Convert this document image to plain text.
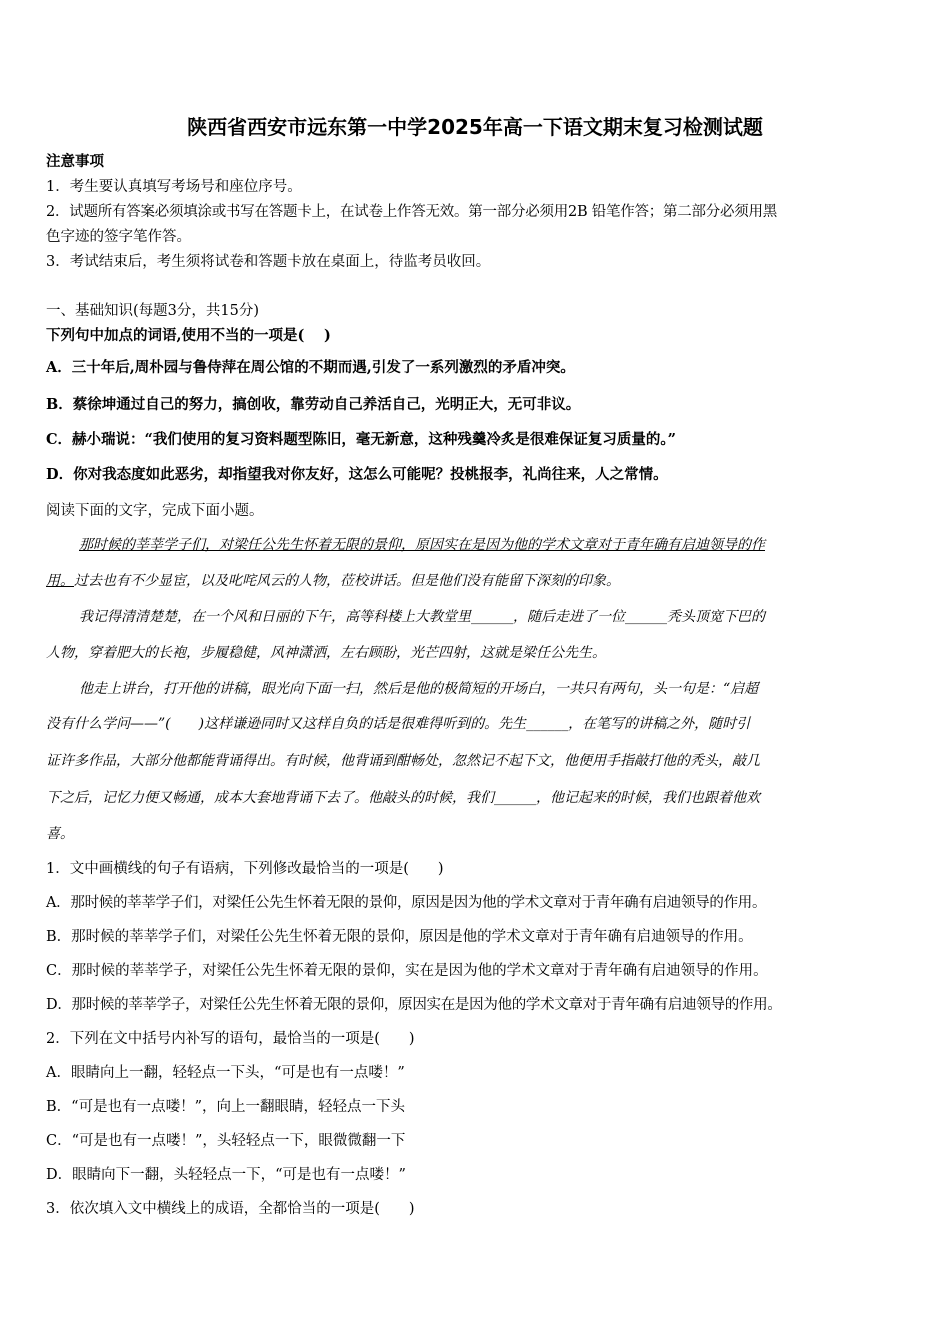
陕西省西安市远东第一中学2025年高一下语文期末复习检测试题
注意事项
1．考生要认真填写考场号和座位序号。
2．试题所有答案必须填涂或书写在答题卡上，在试卷上作答无效。第一部分必须用2B 铅笔作答；第二部分必须用黑
色字迹的签字笔作答。
3．考试结束后，考生须将试卷和答题卡放在桌面上，待监考员收回。
一、基础知识(每题3分，共15分)
下列句中加点的词语,使用不当的一项是(　 )
A．三十年后,周朴园与鲁侍萍在周公馆的不期而遇,引发了一系列激烈的矛盾冲突。
B．蔡徐坤通过自己的努力，搞创收，靠劳动自己养活自己，光明正大，无可非议。
C．赫小瑞说：“我们使用的复习资料题型陈旧，毫无新意，这种残羹冷炙是很难保证复习质量的。”
D．你对我态度如此恶劣，却指望我对你友好，这怎么可能呢？投桃报李，礼尚往来，人之常情。
阅读下面的文字，完成下面小题。
那时候的莘莘学子们，对梁任公先生怀着无限的景仰，原因实在是因为他的学术文章对于青年确有启迪领导的作
用。过去也有不少显宦，以及叱咤风云的人物，莅校讲话。但是他们没有能留下深刻的印象。
我记得清清楚楚，在一个风和日丽的下午，高等科楼上大教堂里______，随后走进了一位______秃头顶宽下巴的
人物，穿着肥大的长袍，步履稳健，风神潇洒，左右顾盼，光芒四射，这就是梁任公先生。
他走上讲台，打开他的讲稿，眼光向下面一扫，然后是他的极简短的开场白，一共只有两句，头一句是：“启超
没有什么学问——”(　　)这样谦逊同时又这样自负的话是很难得听到的。先生______，在笔写的讲稿之外，随时引
证许多作品，大部分他都能背诵得出。有时候，他背诵到酣畅处，忽然记不起下文，他便用手指敲打他的秃头，敲几
下之后，记忆力便又畅通，成本大套地背诵下去了。他敲头的时候，我们______，他记起来的时候，我们也跟着他欢
喜。
1．文中画横线的句子有语病，下列修改最恰当的一项是(　　)
A．那时候的莘莘学子们，对梁任公先生怀着无限的景仰，原因是因为他的学术文章对于青年确有启迪领导的作用。
B．那时候的莘莘学子们，对梁任公先生怀着无限的景仰，原因是他的学术文章对于青年确有启迪领导的作用。
C．那时候的莘莘学子，对梁任公先生怀着无限的景仰，实在是因为他的学术文章对于青年确有启迪领导的作用。
D．那时候的莘莘学子，对梁任公先生怀着无限的景仰，原因实在是因为他的学术文章对于青年确有启迪领导的作用。
2．下列在文中括号内补写的语句，最恰当的一项是(　　)
A．眼睛向上一翻，轻轻点一下头，“可是也有一点喽！”
B．“可是也有一点喽！”，向上一翻眼睛，轻轻点一下头
C．“可是也有一点喽！”，头轻轻点一下，眼微微翻一下
D．眼睛向下一翻，头轻轻点一下，“可是也有一点喽！”
3．依次填入文中横线上的成语，全都恰当的一项是(　　)
